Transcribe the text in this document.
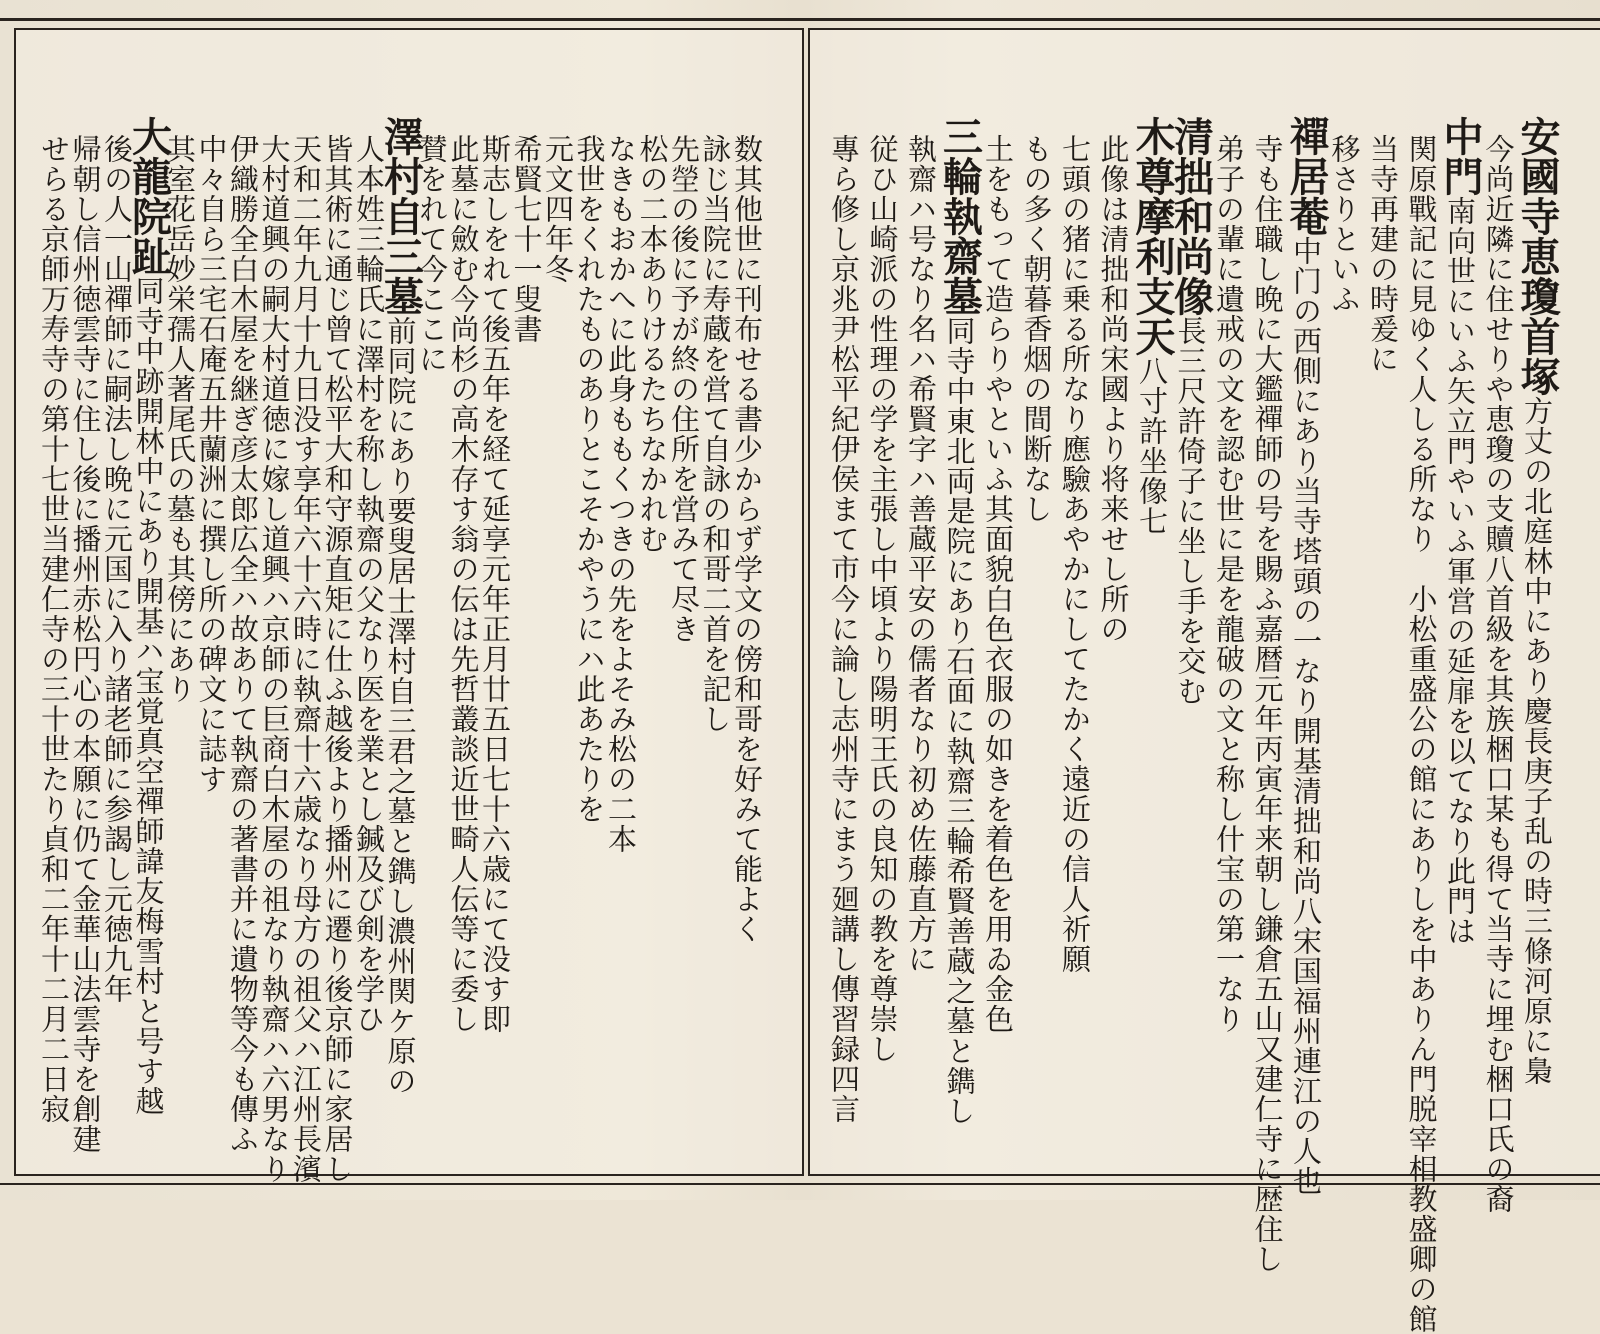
数其他世に刊布せる書少からず学文の傍和哥を好みて能よく
詠じ当院に寿蔵を営て自詠の和哥二首を記し
先塋の後に予が終の住所を営みて尽き
松の二本ありけるたちなかれむ
なきもおかへに此身ももくつきの先をよそみ松の二本
我世をくれたものありとこそかやうにハ此あたりを
元文四年冬
希賢七十一叟書
斯志しをれて後五年を経て延享元年正月廿五日七十六歳にて没す即
此墓に斂む今尚杉の高木存す翁の伝は先哲叢談近世畸人伝等に委し
賛をれて今ここに
澤村自三墓前同院にあり要叟居士澤村自三君之墓と鐫し濃州関ケ原の
人本姓三輪氏に澤村を称し執齋の父なり医を業とし鍼及び剣を学ひ
皆其術に通じ曾て松平大和守源直矩に仕ふ越後より播州に遷り後京師に家居し
天和二年九月十九日没す享年六十六時に執齋十六歳なり母方の祖父ハ江州長濱
大村道興の嗣大村道徳に嫁し道興ハ京師の巨商白木屋の祖なり執齋ハ六男なり
伊織勝全白木屋を継ぎ彦太郎広全ハ故ありて執齋の著書并に遺物等今も傳ふ
中々自ら三宅石庵五井蘭洲に撰し所の碑文に誌す
其室花岳妙栄孺人著尾氏の墓も其傍にあり
大龍院趾同寺中跡開林中にあり開基ハ宝覚真空禪師諱友梅雪村と号す越
後の人一山禪師に嗣法し晩に元国に入り諸老師に参謁し元徳九年
帰朝し信州徳雲寺に住し後に播州赤松円心の本願に仍て金華山法雲寺を創建
せらる京師万寿寺の第十七世当建仁寺の三十世たり貞和二年十二月二日寂	安國寺恵瓊首塚方丈の北庭林中にあり慶長庚子乱の時三條河原に梟
今尚近隣に住せりや恵瓊の支贖八首級を其族梱口某も得て当寺に埋む梱口氏の裔
中門南向世にいふ矢立門やいふ軍営の延扉を以てなり此門は
関原戰記に見ゆく人しる所なり　小松重盛公の館にありしを中ありん門脱宰相教盛卿の館
当寺再建の時爰に
移さりといふ
禪居菴中门の西側にあり当寺塔頭の一なり開基清拙和尚八宋国福州連江の人也
寺も住職し晩に大鑑禪師の号を賜ふ嘉暦元年丙寅年来朝し鎌倉五山又建仁寺に歴住し
弟子の輩に遺戒の文を認む世に是を龍破の文と称し什宝の第一なり
清拙和尚像長三尺許倚子に坐し手を交む
木尊摩利支天八寸許坐像七
此像は清拙和尚宋國より将来せし所の
七頭の猪に乗る所なり應驗あやかにしてたかく遠近の信人祈願
もの多く朝暮香烟の間断なし
土をもって造らりやといふ其面貌白色衣服の如きを着色を用ゐ金色
三輪執齋墓同寺中東北両是院にあり石面に執齋三輪希賢善蔵之墓と鐫し
執齋ハ号なり名ハ希賢字ハ善蔵平安の儒者なり初め佐藤直方に
従ひ山崎派の性理の学を主張し中頃より陽明王氏の良知の教を尊崇し
專ら修し京兆尹松平紀伊侯まて市今に論し志州寺にまう廻講し傳習録四言
